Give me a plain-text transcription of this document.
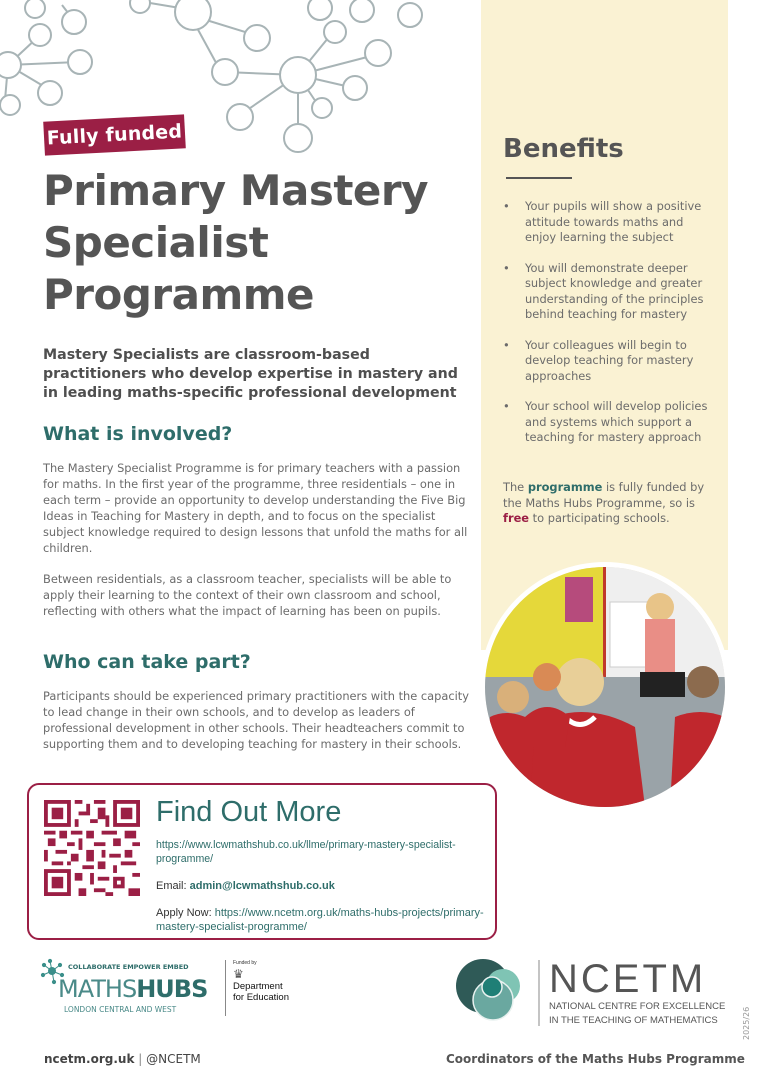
Fully funded
Primary Mastery
Specialist
Programme
Mastery Specialists are classroom-based practitioners who develop expertise in mastery and in leading maths-specific professional development
What is involved?
The Mastery Specialist Programme is for primary teachers with a passion for maths. In the first year of the programme, three residentials – one in each term – provide an opportunity to develop understanding the Five Big Ideas in Teaching for Mastery in depth, and to focus on the specialist subject knowledge required to design lessons that unfold the maths for all children.
Between residentials, as a classroom teacher, specialists will be able to apply their learning to the context of their own classroom and school, reflecting with others what the impact of learning has been on pupils.
Who can take part?
Participants should be experienced primary practitioners with the capacity to lead change in their own schools, and to develop as leaders of professional development in other schools. Their headteachers commit to supporting them and to developing teaching for mastery in their schools.
Benefits
• Your pupils will show a positive attitude towards maths and enjoy learning the subject
• You will demonstrate deeper subject knowledge and greater understanding of the principles behind teaching for mastery
• Your colleagues will begin to develop teaching for mastery approaches
• Your school will develop policies and systems which support a teaching for mastery approach
The programme is fully funded by the Maths Hubs Programme, so is free to participating schools.
Find Out More
https://www.lcwmathshub.co.uk/llme/primary-mastery-specialist-programme/
Email: admin@lcwmathshub.co.uk
Apply Now: https://www.ncetm.org.uk/maths-hubs-projects/primary-mastery-specialist-programme/
COLLABORATE EMPOWER EMBED
MATHSHUBS
LONDON CENTRAL AND WEST
Funded by
♛
Department
for Education	NCETM
NATIONAL CENTRE FOR EXCELLENCE
IN THE TEACHING OF MATHEMATICS
ncetm.org.uk | @NCETM	Coordinators of the Maths Hubs Programme
2025/26
